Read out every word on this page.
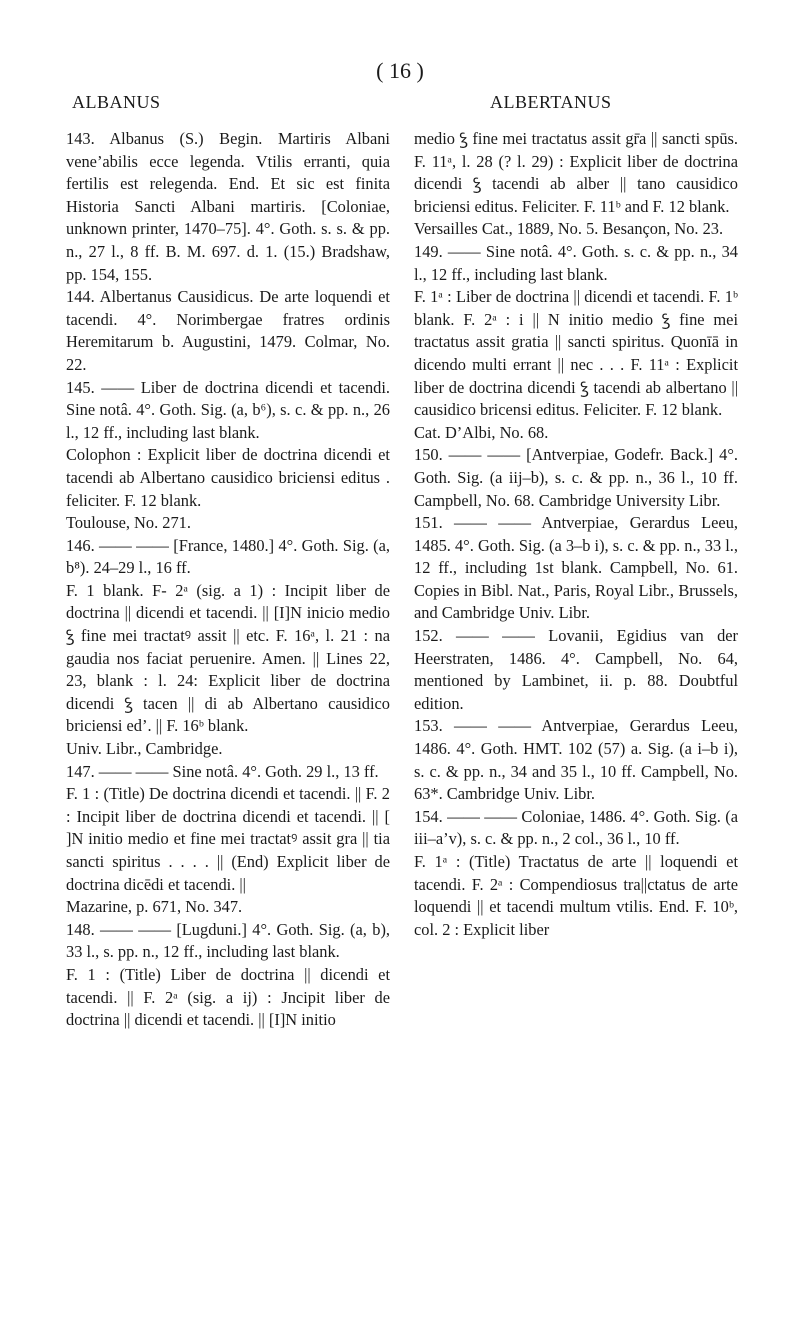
( 16 )
ALBANUS	ALBERTANUS

143. Albanus (S.) Begin. Martiris Albani vene’abilis ecce legenda. Vtilis erranti, quia fertilis est relegenda. End. Et sic est finita Historia Sancti Albani martiris. [Coloniae, unknown printer, 1470–75]. 4°. Goth. s. s. & pp. n., 27 l., 8 ff. B. M. 697. d. 1. (15.) Bradshaw, pp. 154, 155.

144. Albertanus Causidicus. De arte loquendi et tacendi. 4°. Norimbergae fratres ordinis Heremitarum b. Augustini, 1479. Colmar, No. 22.

145. —— Liber de doctrina dicendi et tacendi. Sine notâ. 4°. Goth. Sig. (a, b⁶), s. c. & pp. n., 26 l., 12 ff., including last blank.

Colophon : Explicit liber de doctrina dicendi et tacendi ab Albertano causidico briciensi editus . feliciter. F. 12 blank.

Toulouse, No. 271.

146. —— —— [France, 1480.] 4°. Goth. Sig. (a, b⁸). 24–29 l., 16 ff.

F. 1 blank. F- 2ᵃ (sig. a 1) : Incipit liber de doctrina || dicendi et tacendi. || [I]N inicio medio ꝣ fine mei tractatꝰ assit || etc. F. 16ᵃ, l. 21 : na gaudia nos faciat peruenire. Amen. || Lines 22, 23, blank : l. 24: Explicit liber de doctrina dicendi ꝣ tacen || di ab Albertano causidico briciensi ed’. || F. 16ᵇ blank.

Univ. Libr., Cambridge.

147. —— —— Sine notâ. 4°. Goth. 29 l., 13 ff.

F. 1 : (Title) De doctrina dicendi et tacendi. || F. 2 : Incipit liber de doctrina dicendi et tacendi. || [ ]N initio medio et fine mei tractatꝰ assit gra || tia sancti spiritus . . . . || (End) Explicit liber de doctrina dicēdi et tacendi. ||

Mazarine, p. 671, No. 347.

148. —— —— [Lugduni.] 4°. Goth. Sig. (a, b), 33 l., s. pp. n., 12 ff., including last blank.

F. 1 : (Title) Liber de doctrina || dicendi et tacendi. || F. 2ᵃ (sig. a ij) : Jncipit liber de doctrina || dicendi et tacendi. || [I]N initio

medio ꝣ fine mei tractatus assit gr̄a || sancti spūs. F. 11ᵃ, l. 28 (? l. 29) : Explicit liber de doctrina dicendi ꝣ tacendi ab alber || tano causidico briciensi editus. Feliciter. F. 11ᵇ and F. 12 blank.

Versailles Cat., 1889, No. 5. Besançon, No. 23.

149. —— Sine notâ. 4°. Goth. s. c. & pp. n., 34 l., 12 ff., including last blank.

F. 1ᵃ : Liber de doctrina || dicendi et tacendi. F. 1ᵇ blank. F. 2ᵃ : i || N initio medio ꝣ fine mei tractatus assit gratia || sancti spiritus. Quonīā in dicendo multi errant || nec . . . F. 11ᵃ : Explicit liber de doctrina dicendi ꝣ tacendi ab albertano || causidico bricensi editus. Feliciter. F. 12 blank.

Cat. D’Albi, No. 68.

150. —— —— [Antverpiae, Godefr. Back.] 4°. Goth. Sig. (a iij–b), s. c. & pp. n., 36 l., 10 ff. Campbell, No. 68. Cambridge University Libr.

151. —— —— Antverpiae, Gerardus Leeu, 1485. 4°. Goth. Sig. (a 3–b i), s. c. & pp. n., 33 l., 12 ff., including 1st blank. Campbell, No. 61. Copies in Bibl. Nat., Paris, Royal Libr., Brussels, and Cambridge Univ. Libr.

152. —— —— Lovanii, Egidius van der Heerstraten, 1486. 4°. Campbell, No. 64, mentioned by Lambinet, ii. p. 88. Doubtful edition.

153. —— —— Antverpiae, Gerardus Leeu, 1486. 4°. Goth. HMT. 102 (57) a. Sig. (a i–b i), s. c. & pp. n., 34 and 35 l., 10 ff. Campbell, No. 63*. Cambridge Univ. Libr.

154. —— —— Coloniae, 1486. 4°. Goth. Sig. (a iii–a’v), s. c. & pp. n., 2 col., 36 l., 10 ff.

F. 1ᵃ : (Title) Tractatus de arte || loquendi et tacendi. F. 2ᵃ : Compendiosus tra||ctatus de arte loquendi || et tacendi multum vtilis. End. F. 10ᵇ, col. 2 : Explicit liber
